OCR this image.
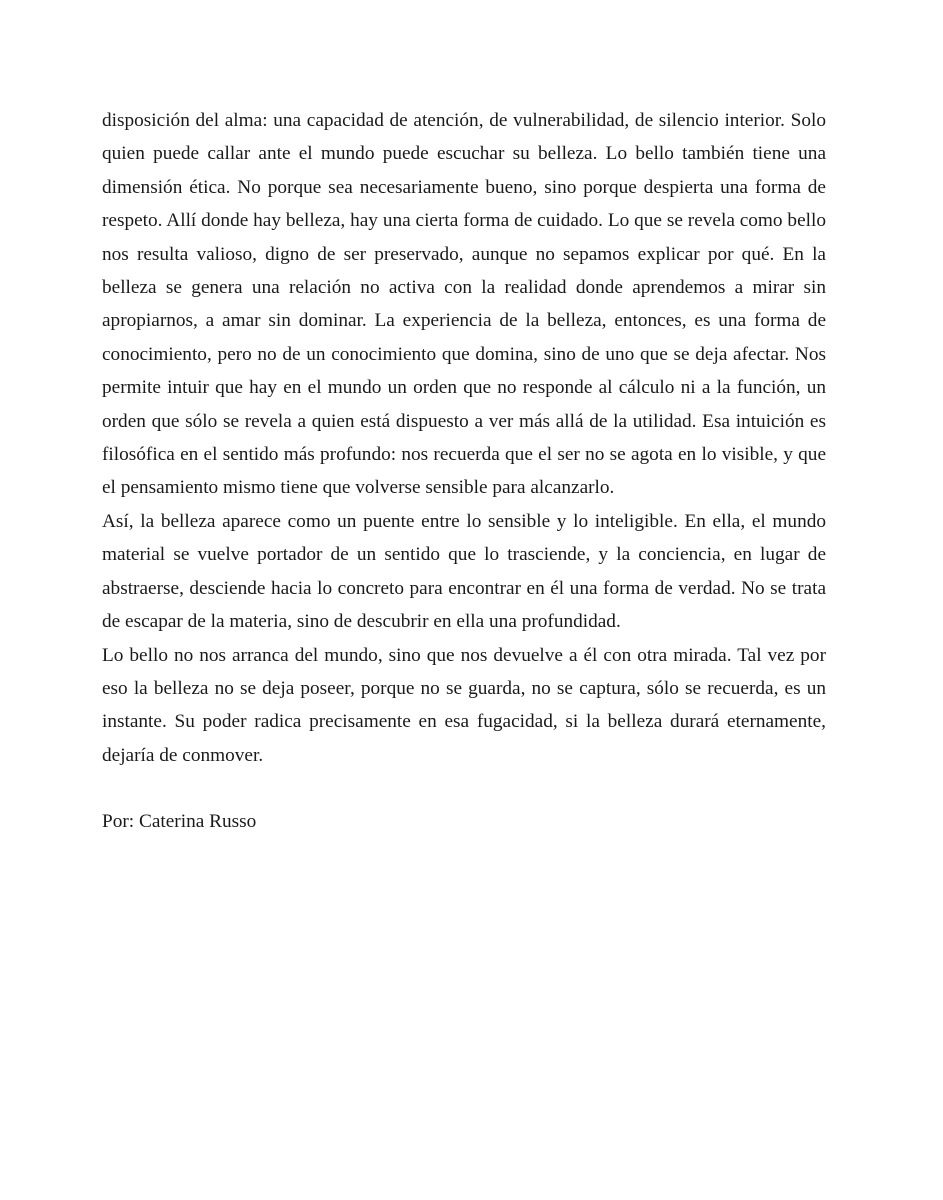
disposición del alma: una capacidad de atención, de vulnerabilidad, de silencio interior. Solo quien puede callar ante el mundo puede escuchar su belleza. Lo bello también tiene una dimensión ética. No porque sea necesariamente bueno, sino porque despierta una forma de respeto. Allí donde hay belleza, hay una cierta forma de cuidado. Lo que se revela como bello nos resulta valioso, digno de ser preservado, aunque no sepamos explicar por qué. En la belleza se genera una relación no activa con la realidad donde aprendemos a mirar sin apropiarnos, a amar sin dominar. La experiencia de la belleza, entonces, es una forma de conocimiento, pero no de un conocimiento que domina, sino de uno que se deja afectar. Nos permite intuir que hay en el mundo un orden que no responde al cálculo ni a la función, un orden que sólo se revela a quien está dispuesto a ver más allá de la utilidad. Esa intuición es filosófica en el sentido más profundo: nos recuerda que el ser no se agota en lo visible, y que el pensamiento mismo tiene que volverse sensible para alcanzarlo.

Así, la belleza aparece como un puente entre lo sensible y lo inteligible. En ella, el mundo material se vuelve portador de un sentido que lo trasciende, y la conciencia, en lugar de abstraerse, desciende hacia lo concreto para encontrar en él una forma de verdad. No se trata de escapar de la materia, sino de descubrir en ella una profundidad.

Lo bello no nos arranca del mundo, sino que nos devuelve a él con otra mirada. Tal vez por eso la belleza no se deja poseer, porque no se guarda, no se captura, sólo se recuerda, es un instante. Su poder radica precisamente en esa fugacidad, si la belleza durará eternamente, dejaría de conmover.

Por: Caterina Russo
